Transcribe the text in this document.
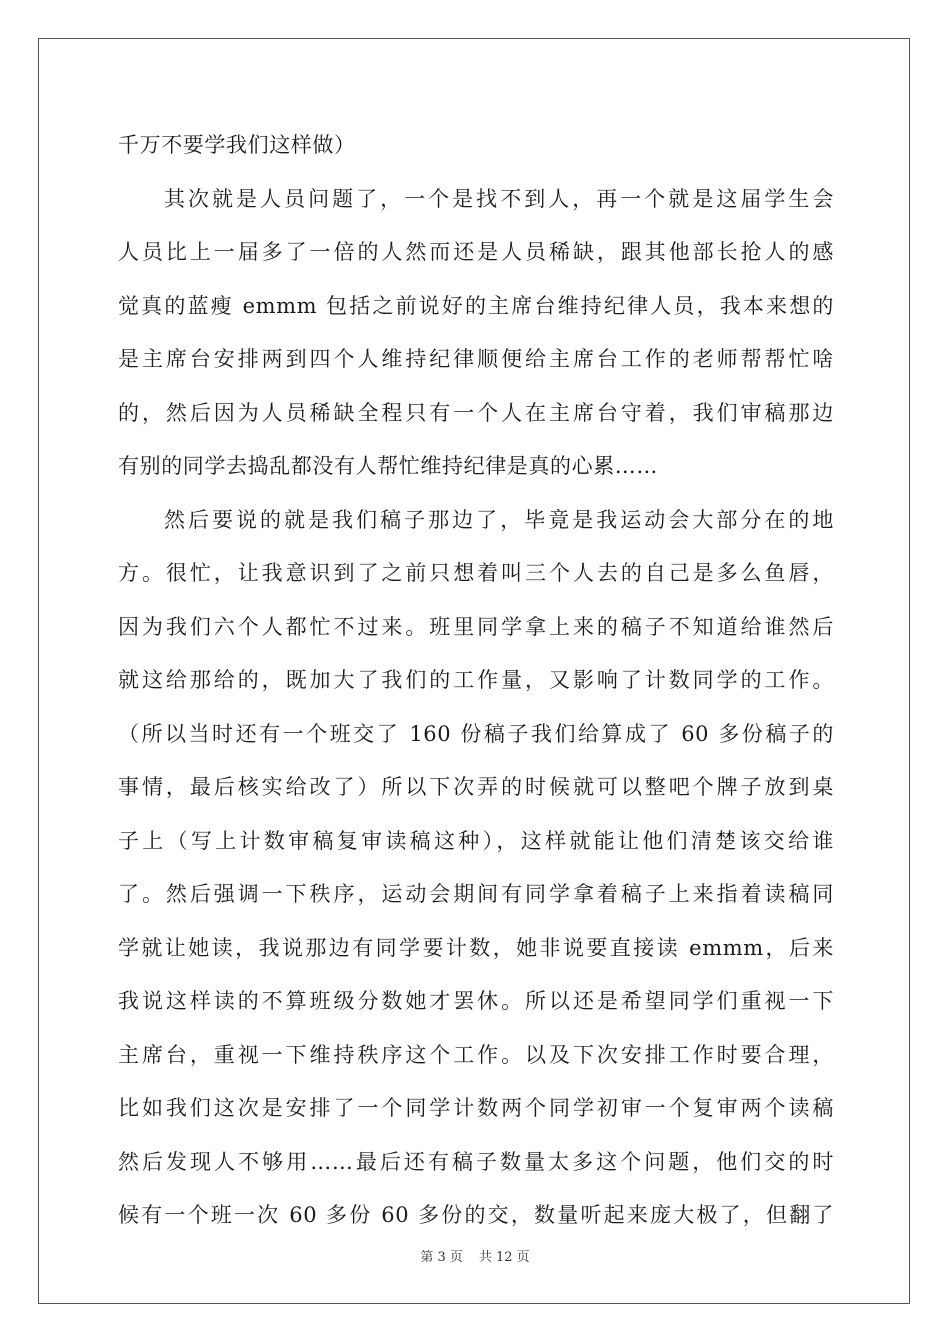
千万不要学我们这样做）
其次就是人员问题了，一个是找不到人，再一个就是这届学生会
人员比上一届多了一倍的人然而还是人员稀缺，跟其他部长抢人的感
觉真的蓝瘦 emmm 包括之前说好的主席台维持纪律人员，我本来想的
是主席台安排两到四个人维持纪律顺便给主席台工作的老师帮帮忙啥
的，然后因为人员稀缺全程只有一个人在主席台守着，我们审稿那边
有别的同学去捣乱都没有人帮忙维持纪律是真的心累……
然后要说的就是我们稿子那边了，毕竟是我运动会大部分在的地
方。很忙，让我意识到了之前只想着叫三个人去的自己是多么鱼唇，
因为我们六个人都忙不过来。班里同学拿上来的稿子不知道给谁然后
就这给那给的，既加大了我们的工作量，又影响了计数同学的工作。
（所以当时还有一个班交了 160 份稿子我们给算成了 60 多份稿子的
事情，最后核实给改了）所以下次弄的时候就可以整吧个牌子放到桌
子上（写上计数审稿复审读稿这种），这样就能让他们清楚该交给谁
了。然后强调一下秩序，运动会期间有同学拿着稿子上来指着读稿同
学就让她读，我说那边有同学要计数，她非说要直接读 emmm，后来
我说这样读的不算班级分数她才罢休。所以还是希望同学们重视一下
主席台，重视一下维持秩序这个工作。以及下次安排工作时要合理，
比如我们这次是安排了一个同学计数两个同学初审一个复审两个读稿
然后发现人不够用……最后还有稿子数量太多这个问题，他们交的时
候有一个班一次 60 多份 60 多份的交，数量听起来庞大极了，但翻了
第 3 页 共 12 页
